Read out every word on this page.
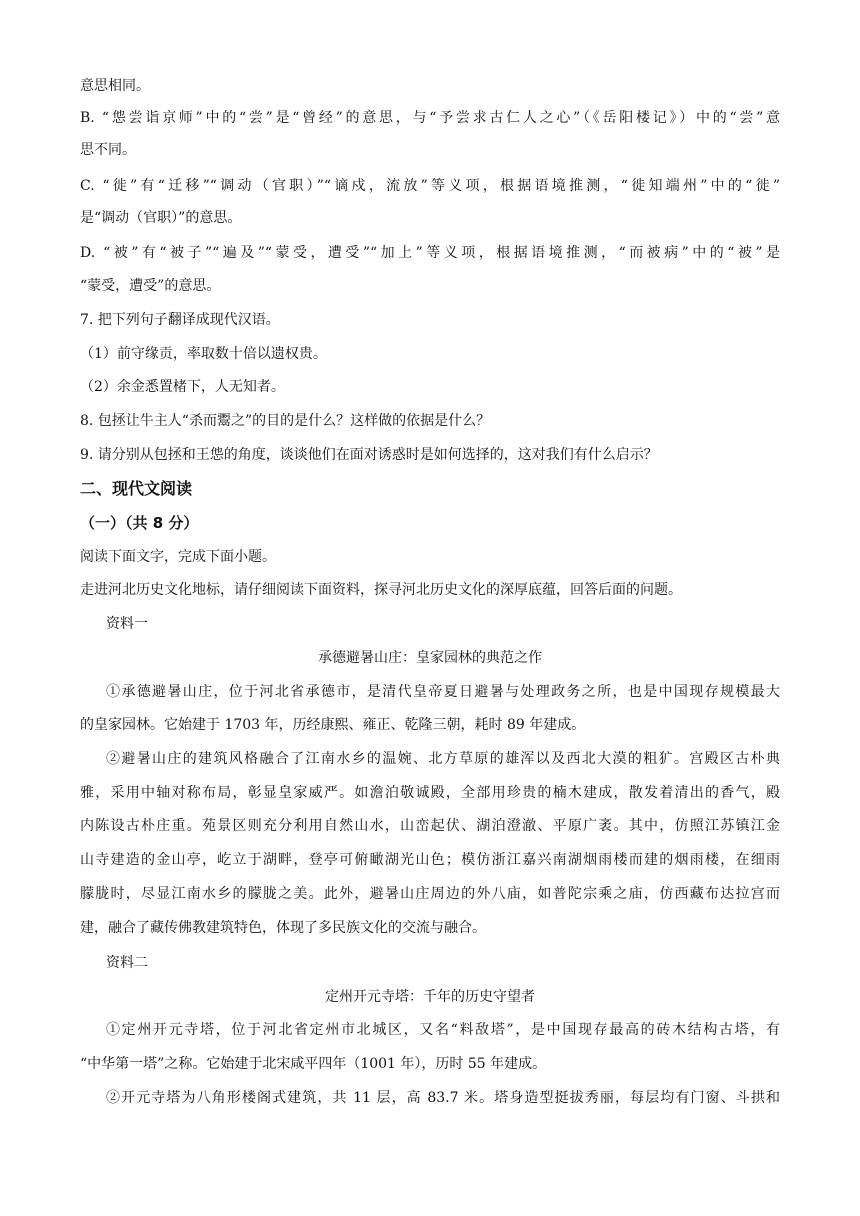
意思相同。
B. “怹尝诣京师”中的“尝”是“曾经”的意思，与“予尝求古仁人之心”（《岳阳楼记》）中的“尝”意
思不同。
C. “徙”有“迁移”“调动（官职）”“谪戍，流放”等义项，根据语境推测，“徙知端州”中的“徙”
是“调动（官职）”的意思。
D. “被”有“被子”“遍及”“蒙受，遭受”“加上”等义项，根据语境推测，“而被病”中的“被”是
“蒙受，遭受”的意思。
7. 把下列句子翻译成现代汉语。
（1）前守缘贡，率取数十倍以遗权贵。
（2）余金悉置楮下，人无知者。
8. 包拯让牛主人“杀而鬻之”的目的是什么？这样做的依据是什么？
9. 请分别从包拯和王怹的角度，谈谈他们在面对诱惑时是如何选择的，这对我们有什么启示？
二、现代文阅读
（一）（共 8 分）
阅读下面文字，完成下面小题。
走进河北历史文化地标，请仔细阅读下面资料，探寻河北历史文化的深厚底蕴，回答后面的问题。
资料一
承德避暑山庄：皇家园林的典范之作
①承德避暑山庄，位于河北省承德市，是清代皇帝夏日避暑与处理政务之所，也是中国现存规模最大
的皇家园林。它始建于 1703 年，历经康熙、雍正、乾隆三朝，耗时 89 年建成。
②避暑山庄的建筑风格融合了江南水乡的温婉、北方草原的雄浑以及西北大漠的粗犷。宫殿区古朴典
雅，采用中轴对称布局，彰显皇家威严。如澹泊敬诚殿，全部用珍贵的楠木建成，散发着清出的香气，殿
内陈设古朴庄重。苑景区则充分利用自然山水，山峦起伏、湖泊澄澈、平原广袤。其中，仿照江苏镇江金
山寺建造的金山亭，屹立于湖畔，登亭可俯瞰湖光山色；模仿浙江嘉兴南湖烟雨楼而建的烟雨楼，在细雨
朦胧时，尽显江南水乡的朦胧之美。此外，避暑山庄周边的外八庙，如普陀宗乘之庙，仿西藏布达拉宫而
建，融合了藏传佛教建筑特色，体现了多民族文化的交流与融合。
资料二
定州开元寺塔：千年的历史守望者
①定州开元寺塔，位于河北省定州市北城区，又名“料敌塔”，是中国现存最高的砖木结构古塔，有
“中华第一塔”之称。它始建于北宋咸平四年（1001 年），历时 55 年建成。
②开元寺塔为八角形楼阁式建筑，共 11 层，高 83.7 米。塔身造型挺拔秀丽，每层均有门窗、斗拱和
